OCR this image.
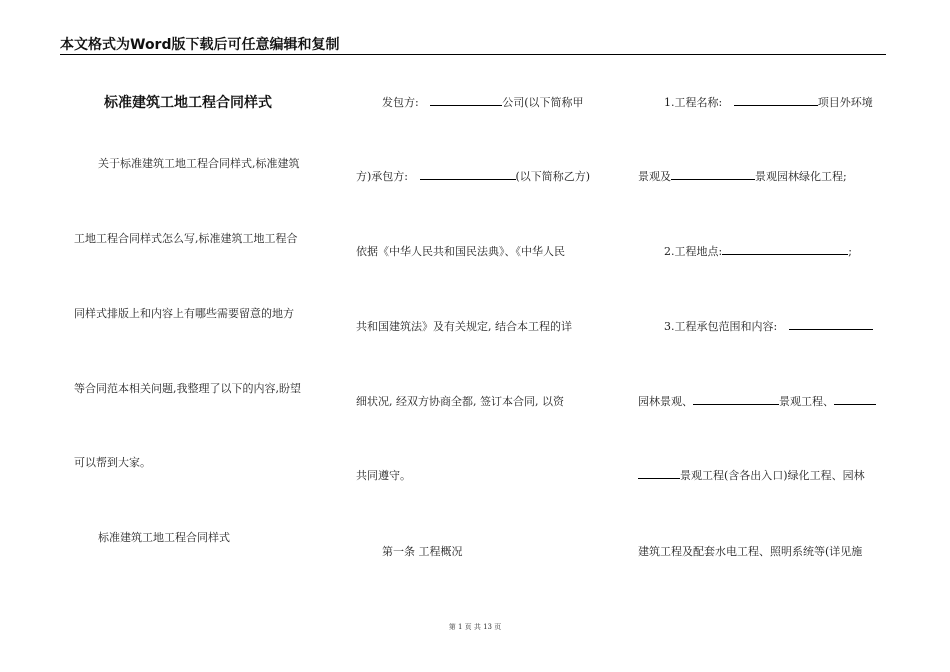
本文格式为Word版下载后可任意编辑和复制
标准建筑工地工程合同样式
关于标准建筑工地工程合同样式,标准建筑
工地工程合同样式怎么写,标准建筑工地工程合
同样式排版上和内容上有哪些需要留意的地方
等合同范本相关问题,我整理了以下的内容,盼望
可以帮到大家。
标准建筑工地工程合同样式
发包方:	公司(以下简称甲
方)承包方:	(以下简称乙方)
依据《中华人民共和国民法典》、《中华人民
共和国建筑法》及有关规定, 结合本工程的详
细状况, 经双方协商全都, 签订本合同, 以资
共同遵守。
第一条 工程概况
1.工程名称:	项目外环境
景观及	景观园林绿化工程;
2.工程地点:	;
3.工程承包范围和内容:
园林景观、	景观工程、
景观工程(含各出入口)绿化工程、园林
建筑工程及配套水电工程、照明系统等(详见施
第 1 页 共 13 页
